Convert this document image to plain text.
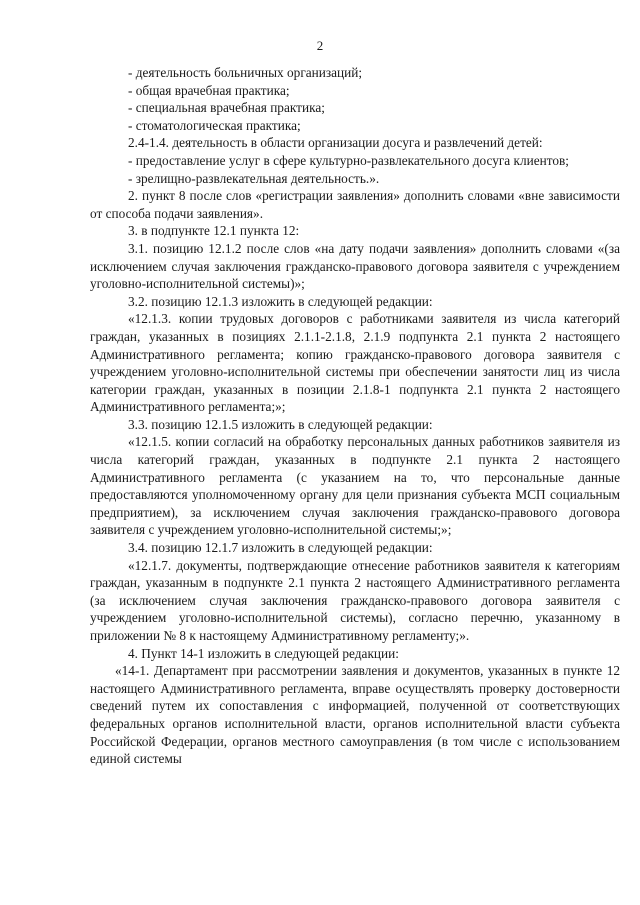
2

- деятельность больничных организаций;

- общая врачебная практика;

- специальная врачебная практика;

- стоматологическая практика;

2.4-1.4. деятельность в области организации досуга и развлечений детей:

- предоставление услуг в сфере культурно-развлекательного досуга клиентов;

- зрелищно-развлекательная деятельность.».

2. пункт 8 после слов «регистрации заявления» дополнить словами «вне зависимости от способа подачи заявления».

3. в подпункте 12.1 пункта 12:

3.1. позицию 12.1.2 после слов «на дату подачи заявления» дополнить словами «(за исключением случая заключения гражданско-правового договора заявителя с учреждением уголовно-исполнительной системы)»;

3.2. позицию 12.1.3 изложить в следующей редакции:

«12.1.3. копии трудовых договоров с работниками заявителя из числа категорий граждан, указанных в позициях 2.1.1-2.1.8, 2.1.9 подпункта 2.1 пункта 2 настоящего Административного регламента; копию гражданско-правового договора заявителя с учреждением уголовно-исполнительной системы при обеспечении занятости лиц из числа категории граждан, указанных в позиции 2.1.8-1 подпункта 2.1 пункта 2 настоящего Административного регламента;»;

3.3. позицию 12.1.5 изложить в следующей редакции:

«12.1.5. копии согласий на обработку персональных данных работников заявителя из числа категорий граждан, указанных в подпункте 2.1 пункта 2 настоящего Административного регламента (с указанием на то, что персональные данные предоставляются уполномоченному органу для цели признания субъекта МСП социальным предприятием), за исключением случая заключения гражданско-правового договора заявителя с учреждением уголовно-исполнительной системы;»;

3.4. позицию 12.1.7 изложить в следующей редакции:

«12.1.7. документы, подтверждающие отнесение работников заявителя к категориям граждан, указанным в подпункте 2.1 пункта 2 настоящего Административного регламента (за исключением случая заключения гражданско-правового договора заявителя с учреждением уголовно-исполнительной системы), согласно перечню, указанному в приложении № 8 к настоящему Административному регламенту;».

4. Пункт 14-1 изложить в следующей редакции:

«14-1. Департамент при рассмотрении заявления и документов, указанных в пункте 12 настоящего Административного регламента, вправе осуществлять проверку достоверности сведений путем их сопоставления с информацией, полученной от соответствующих федеральных органов исполнительной власти, органов исполнительной власти субъекта Российской Федерации, органов местного самоуправления (в том числе с использованием единой системы
